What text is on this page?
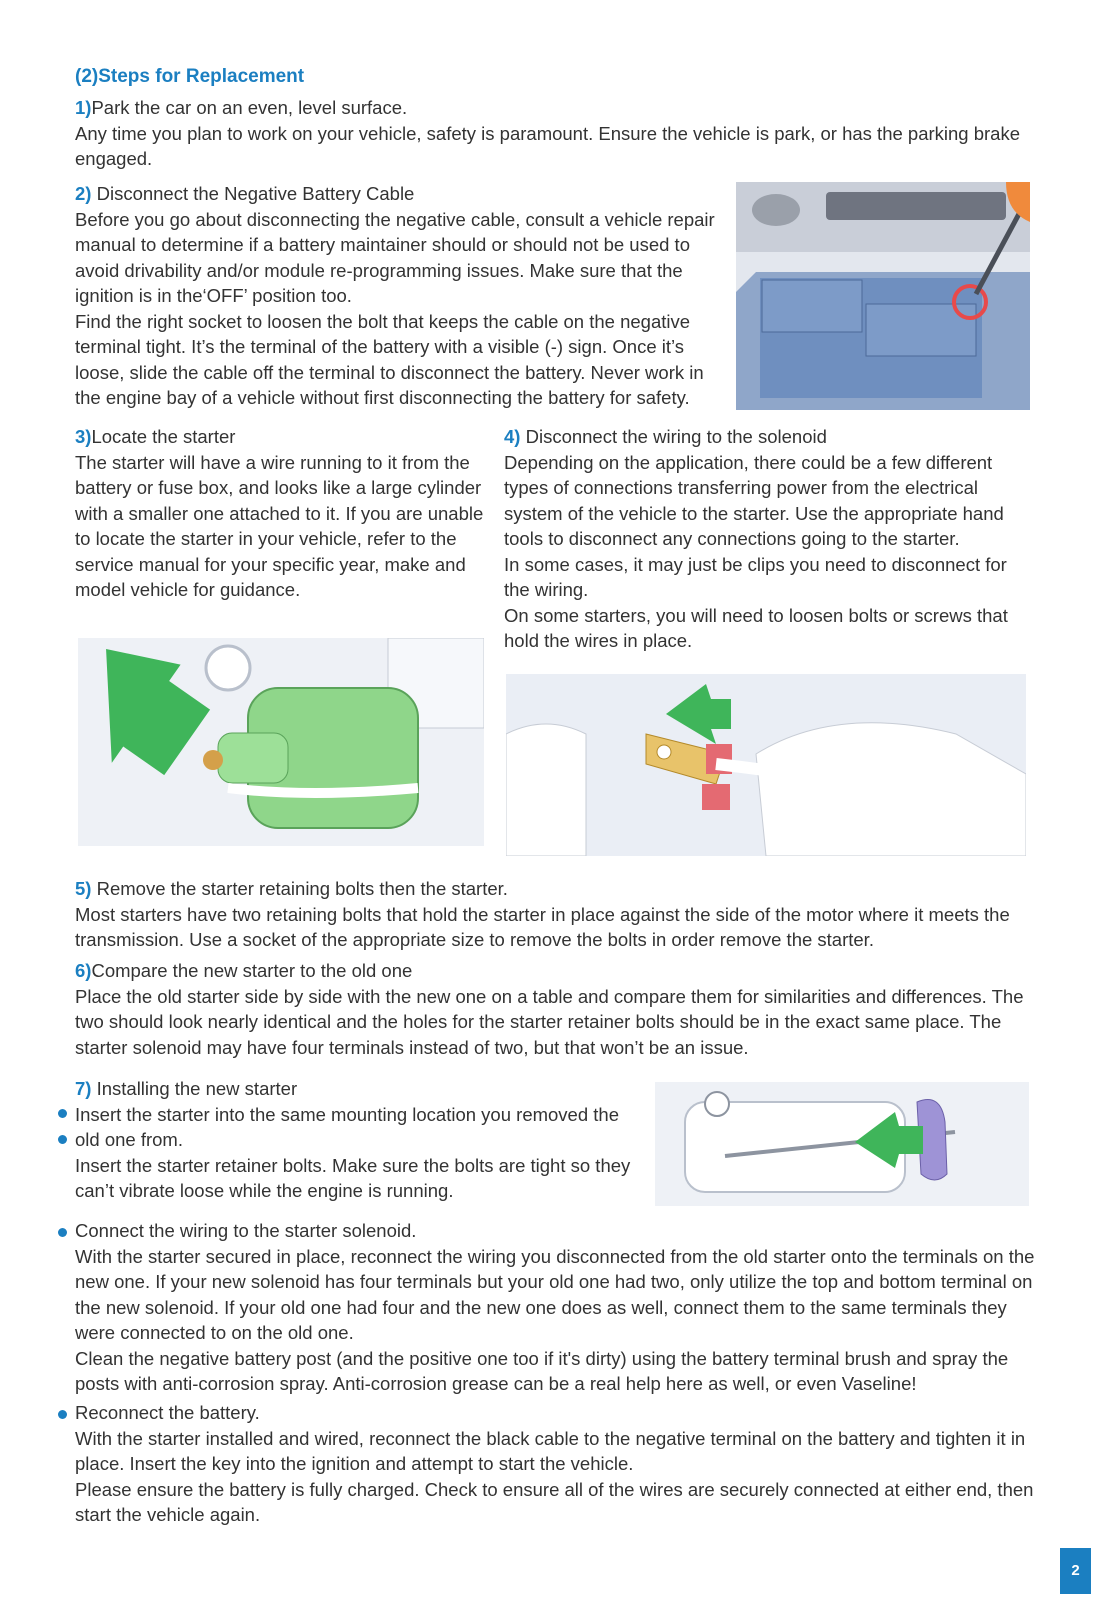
(2)Steps for Replacement

1)Park the car on an even, level surface.

Any time you plan to work on your vehicle, safety is paramount. Ensure the vehicle is park, or has the parking brake engaged.

2) Disconnect the Negative Battery Cable

Before you go about disconnecting the negative cable, consult a vehicle repair manual to determine if a battery maintainer should or should not be used to avoid drivability and/or module re-programming issues. Make sure that the ignition is in the‘OFF’ position too.

Find the right socket to loosen the bolt that keeps the cable on the negative terminal tight. It’s the terminal of the battery with a visible (-) sign. Once it’s loose, slide the cable off the terminal to disconnect the battery. Never work in the engine bay of a vehicle without first disconnecting the battery for safety.

3)Locate the starter

The starter will have a wire running to it from the battery or fuse box, and looks like a large cylinder with a smaller one attached to it. If you are unable to locate the starter in your vehicle, refer to the service manual for your specific year, make and model vehicle for guidance.

4) Disconnect the wiring to the solenoid

Depending on the application, there could be a few different types of connections transferring power from the electrical system of the vehicle to the starter. Use the appropriate hand tools to disconnect any connections going to the starter.

In some cases, it may just be clips you need to disconnect for the wiring.

On some starters, you will need to loosen bolts or screws that hold the wires in place.

5) Remove the starter retaining bolts then the starter.

Most starters have two retaining bolts that hold the starter in place against the side of the motor where it meets the transmission. Use a socket of the appropriate size to remove the bolts in order remove the starter.

6)Compare the new starter to the old one

Place the old starter side by side with the new one on a table and compare them for similarities and differences. The two should look nearly identical and the holes for the starter retainer bolts should be in the exact same place. The starter solenoid may have four terminals instead of two, but that won’t be an issue.

7) Installing the new starter

Insert the starter into the same mounting location you removed the old one from.

Insert the starter retainer bolts. Make sure the bolts are tight so they can’t vibrate loose while the engine is running.

Connect the wiring to the starter solenoid.

With the starter secured in place, reconnect the wiring you disconnected from the old starter onto the terminals on the new one. If your new solenoid has four terminals but your old one had two, only utilize the top and bottom terminal on the new solenoid. If your old one had four and the new one does as well, connect them to the same terminals they were connected to on the old one.

Clean the negative battery post (and the positive one too if it's dirty) using the battery terminal brush and spray the posts with anti-corrosion spray. Anti-corrosion grease can be a real help here as well, or even Vaseline!

Reconnect the battery.

With the starter installed and wired, reconnect the black cable to the negative terminal on the battery and tighten it in place. Insert the key into the ignition and attempt to start the vehicle.

Please ensure the battery is fully charged. Check to ensure all of the wires are securely connected at either end, then start the vehicle again.

2
